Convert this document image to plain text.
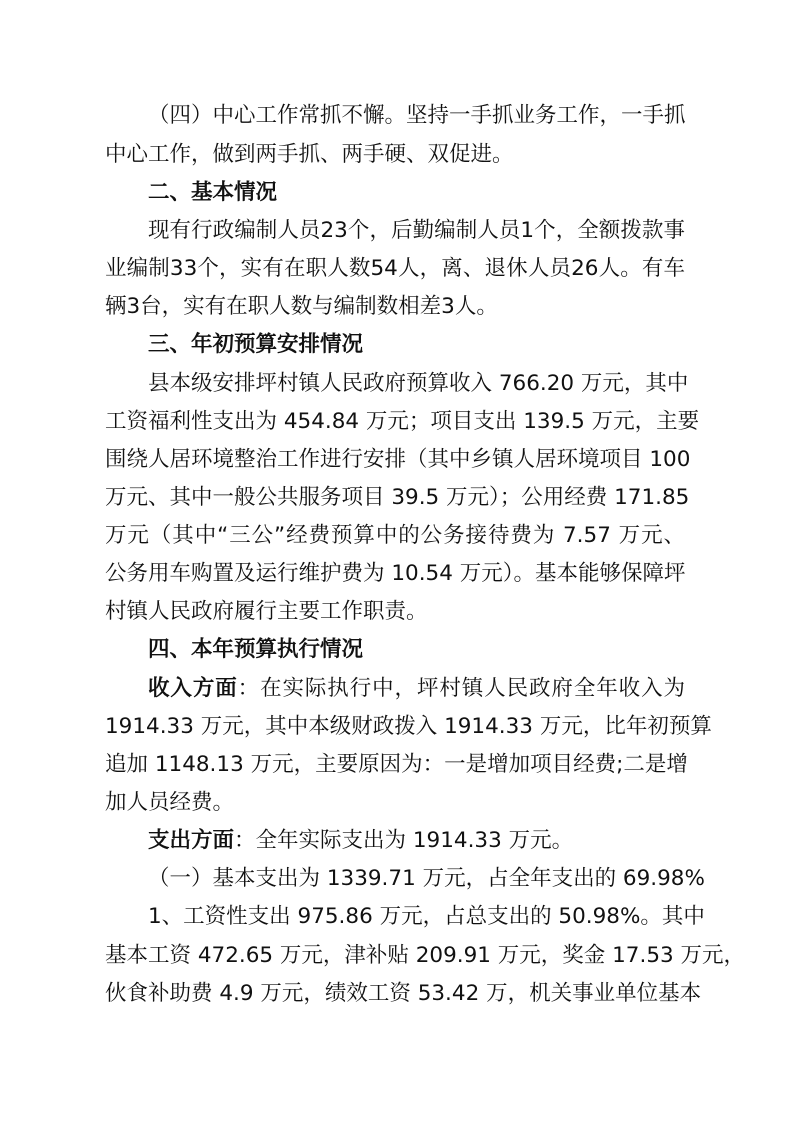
（四）中心工作常抓不懈。坚持一手抓业务工作，一手抓
中心工作，做到两手抓、两手硬、双促进。
二、基本情况
现有行政编制人员23个，后勤编制人员1个，全额拨款事
业编制33个，实有在职人数54人，离、退休人员26人。有车
辆3台，实有在职人数与编制数相差3人。
三、年初预算安排情况
县本级安排坪村镇人民政府预算收入 766.20 万元，其中
工资福利性支出为 454.84 万元；项目支出 139.5 万元，主要
围绕人居环境整治工作进行安排（其中乡镇人居环境项目 100
万元、其中一般公共服务项目 39.5 万元）；公用经费 171.85
万元（其中“三公”经费预算中的公务接待费为 7.57 万元、
公务用车购置及运行维护费为 10.54 万元）。基本能够保障坪
村镇人民政府履行主要工作职责。
四、本年预算执行情况
收入方面：在实际执行中，坪村镇人民政府全年收入为
1914.33 万元，其中本级财政拨入 1914.33 万元，比年初预算
追加 1148.13 万元，主要原因为：一是增加项目经费;二是增
加人员经费。
支出方面：全年实际支出为 1914.33 万元。
（一）基本支出为 1339.71 万元，占全年支出的 69.98%
1、工资性支出 975.86 万元，占总支出的 50.98%。其中
基本工资 472.65 万元，津补贴 209.91 万元，奖金 17.53 万元，
伙食补助费 4.9 万元，绩效工资 53.42 万，机关事业单位基本
